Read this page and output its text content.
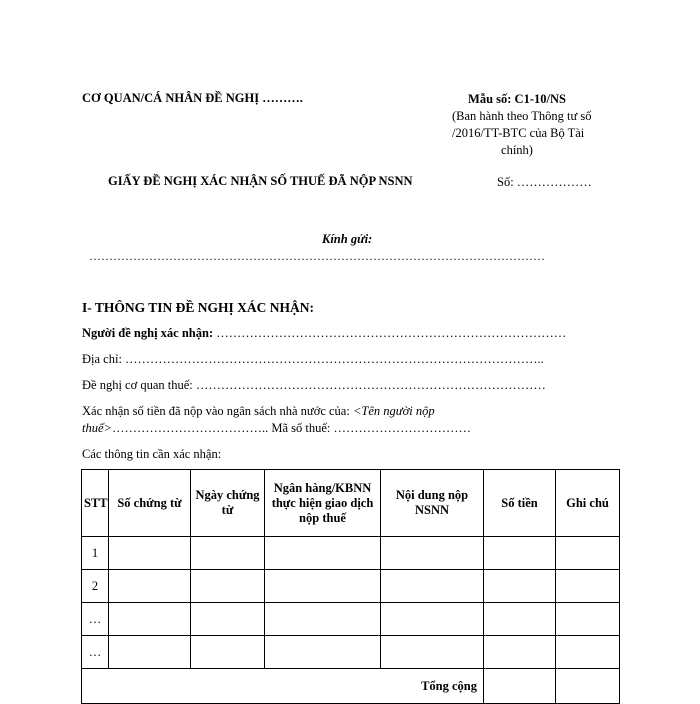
CƠ QUAN/CÁ NHÂN ĐỀ NGHỊ ……….	Mẫu số: C1-10/NS
(Ban hành theo Thông tư số
/2016/TT-BTC của Bộ Tài
chính)
GIẤY ĐỀ NGHỊ XÁC NHẬN SỐ THUẾ ĐÃ NỘP NSNN	Số: ………………
Kính gửi:
……………………………………………………………………………………………………
I- THÔNG TIN ĐỀ NGHỊ XÁC NHẬN:
Người đề nghị xác nhận: …………………………………………………………………………
Địa chỉ: ………………………………………………………………………………………..
Đề nghị cơ quan thuế: …………………………………………………………………………
Xác nhận số tiền đã nộp vào ngân sách nhà nước của: <Tên người nộp
thuế>……………………………….. Mã số thuế: ……………………………
Các thông tin cần xác nhận:
STT	Số chứng từ	Ngày chứng từ	Ngân hàng/KBNN thực hiện giao dịch nộp thuế	Nội dung nộp NSNN	Số tiền	Ghi chú
1						
2						
…						
…						
Tổng cộng						
